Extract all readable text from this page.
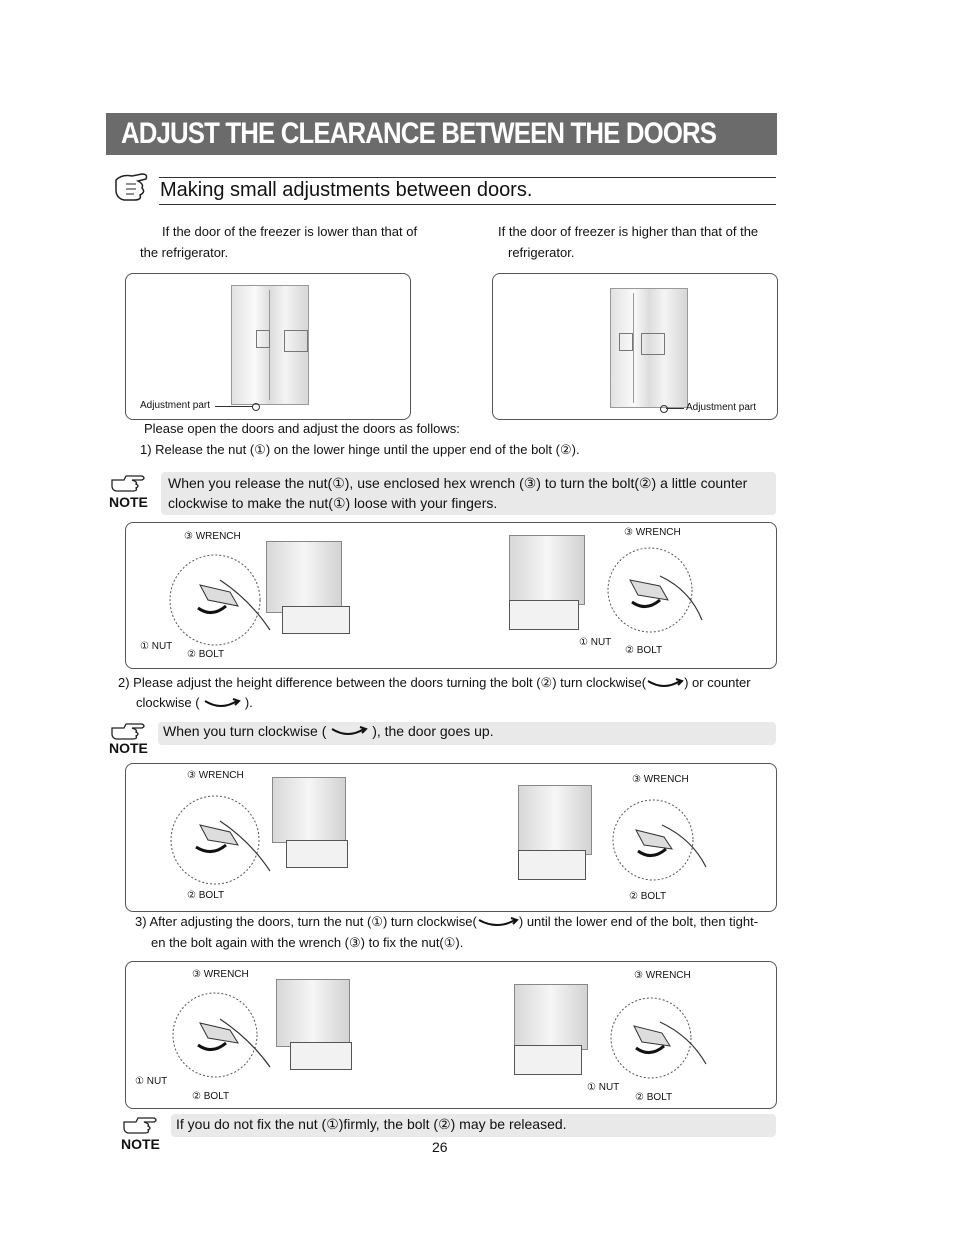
ADJUST THE CLEARANCE BETWEEN THE DOORS
Making small adjustments between doors.
If the door of the freezer is lower than that of
the refrigerator.
If the door of freezer is higher than that of the
refrigerator.
Adjustment part	Adjustment part
Please open the doors and adjust the doors as follows:
1) Release the nut (①) on the lower hinge until the upper end of the bolt (②).
NOTE
When you release the nut(①), use enclosed hex wrench (③) to turn the bolt(②) a little counter
clockwise to make the nut(①) loose with your fingers.
③ WRENCH
① NUT
② BOLT
③ WRENCH
① NUT
② BOLT
2) Please adjust the height difference between the doors turning the bolt (②) turn clockwise(	) or counter
clockwise (	).
NOTE
When you turn clockwise (	), the door goes up.
③ WRENCH
② BOLT
③ WRENCH
② BOLT
3) After adjusting the doors, turn the nut (①) turn clockwise(	) until the lower end of the bolt, then tight-
en the bolt again with the wrench (③) to fix the nut(①).
③ WRENCH
① NUT
② BOLT
③ WRENCH
① NUT
② BOLT
NOTE
If you do not fix the nut (①)firmly, the bolt (②) may be released.
26
